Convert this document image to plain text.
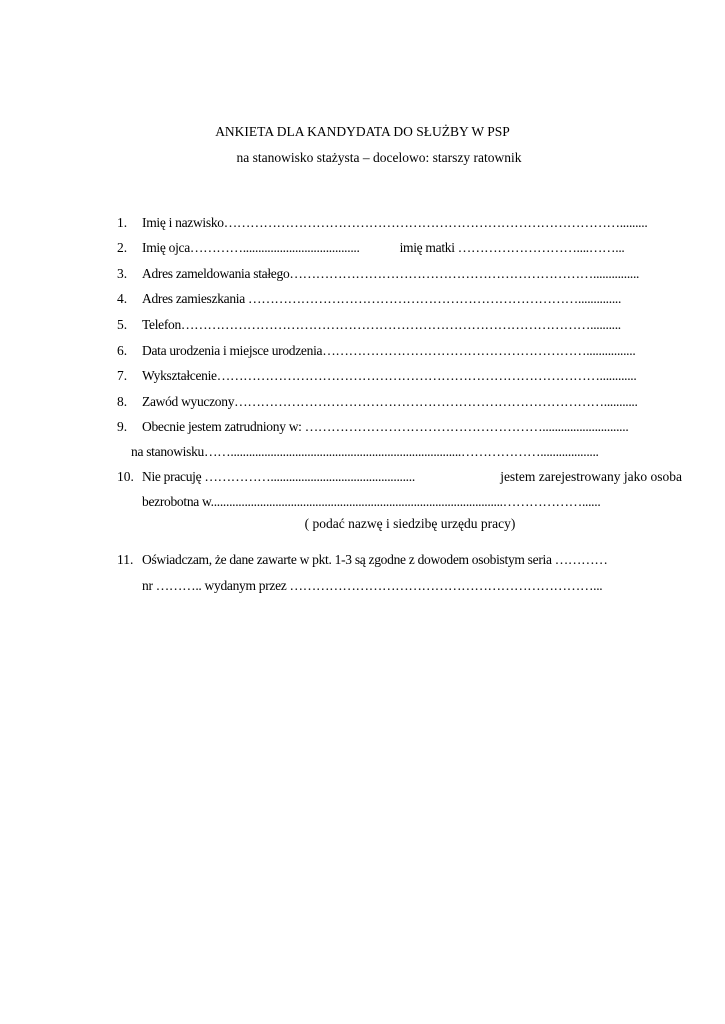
ANKIETA DLA KANDYDATA DO SŁUŻBY W PSP
na stanowisko stażysta – docelowo: starszy ratownik
1. Imię i nazwisko……………………………………………………………………………….........
2. Imię ojca…………......................................	imię matki ………………………....……...
3. Adres zameldowania stałego……………………………………………………………...............
4. Adres zamieszkania …………………………………………………………………..............
5. Telefon…………………………………………………………………………………..........
6. Data urodzenia i miejsce urodzenia……………………………………………………................
7. Wykształcenie……………………………………………………………………………............
8. Zawód wyuczony…………………………………………………………………………...........
9. Obecnie jestem zatrudniony w: ………………………………………………............................
na stanowisku……...........................................................................………………...................
10. Nie pracuję ……………...............................................	jestem zarejestrowany jako osoba
bezrobotna w...............................................................................................………………......
( podać nazwę i siedzibę urzędu pracy)
11. Oświadczam, że dane zawarte w pkt. 1-3 są zgodne z dowodem osobistym seria …………
nr ……….. wydanym przez ……………………………………………………………...
